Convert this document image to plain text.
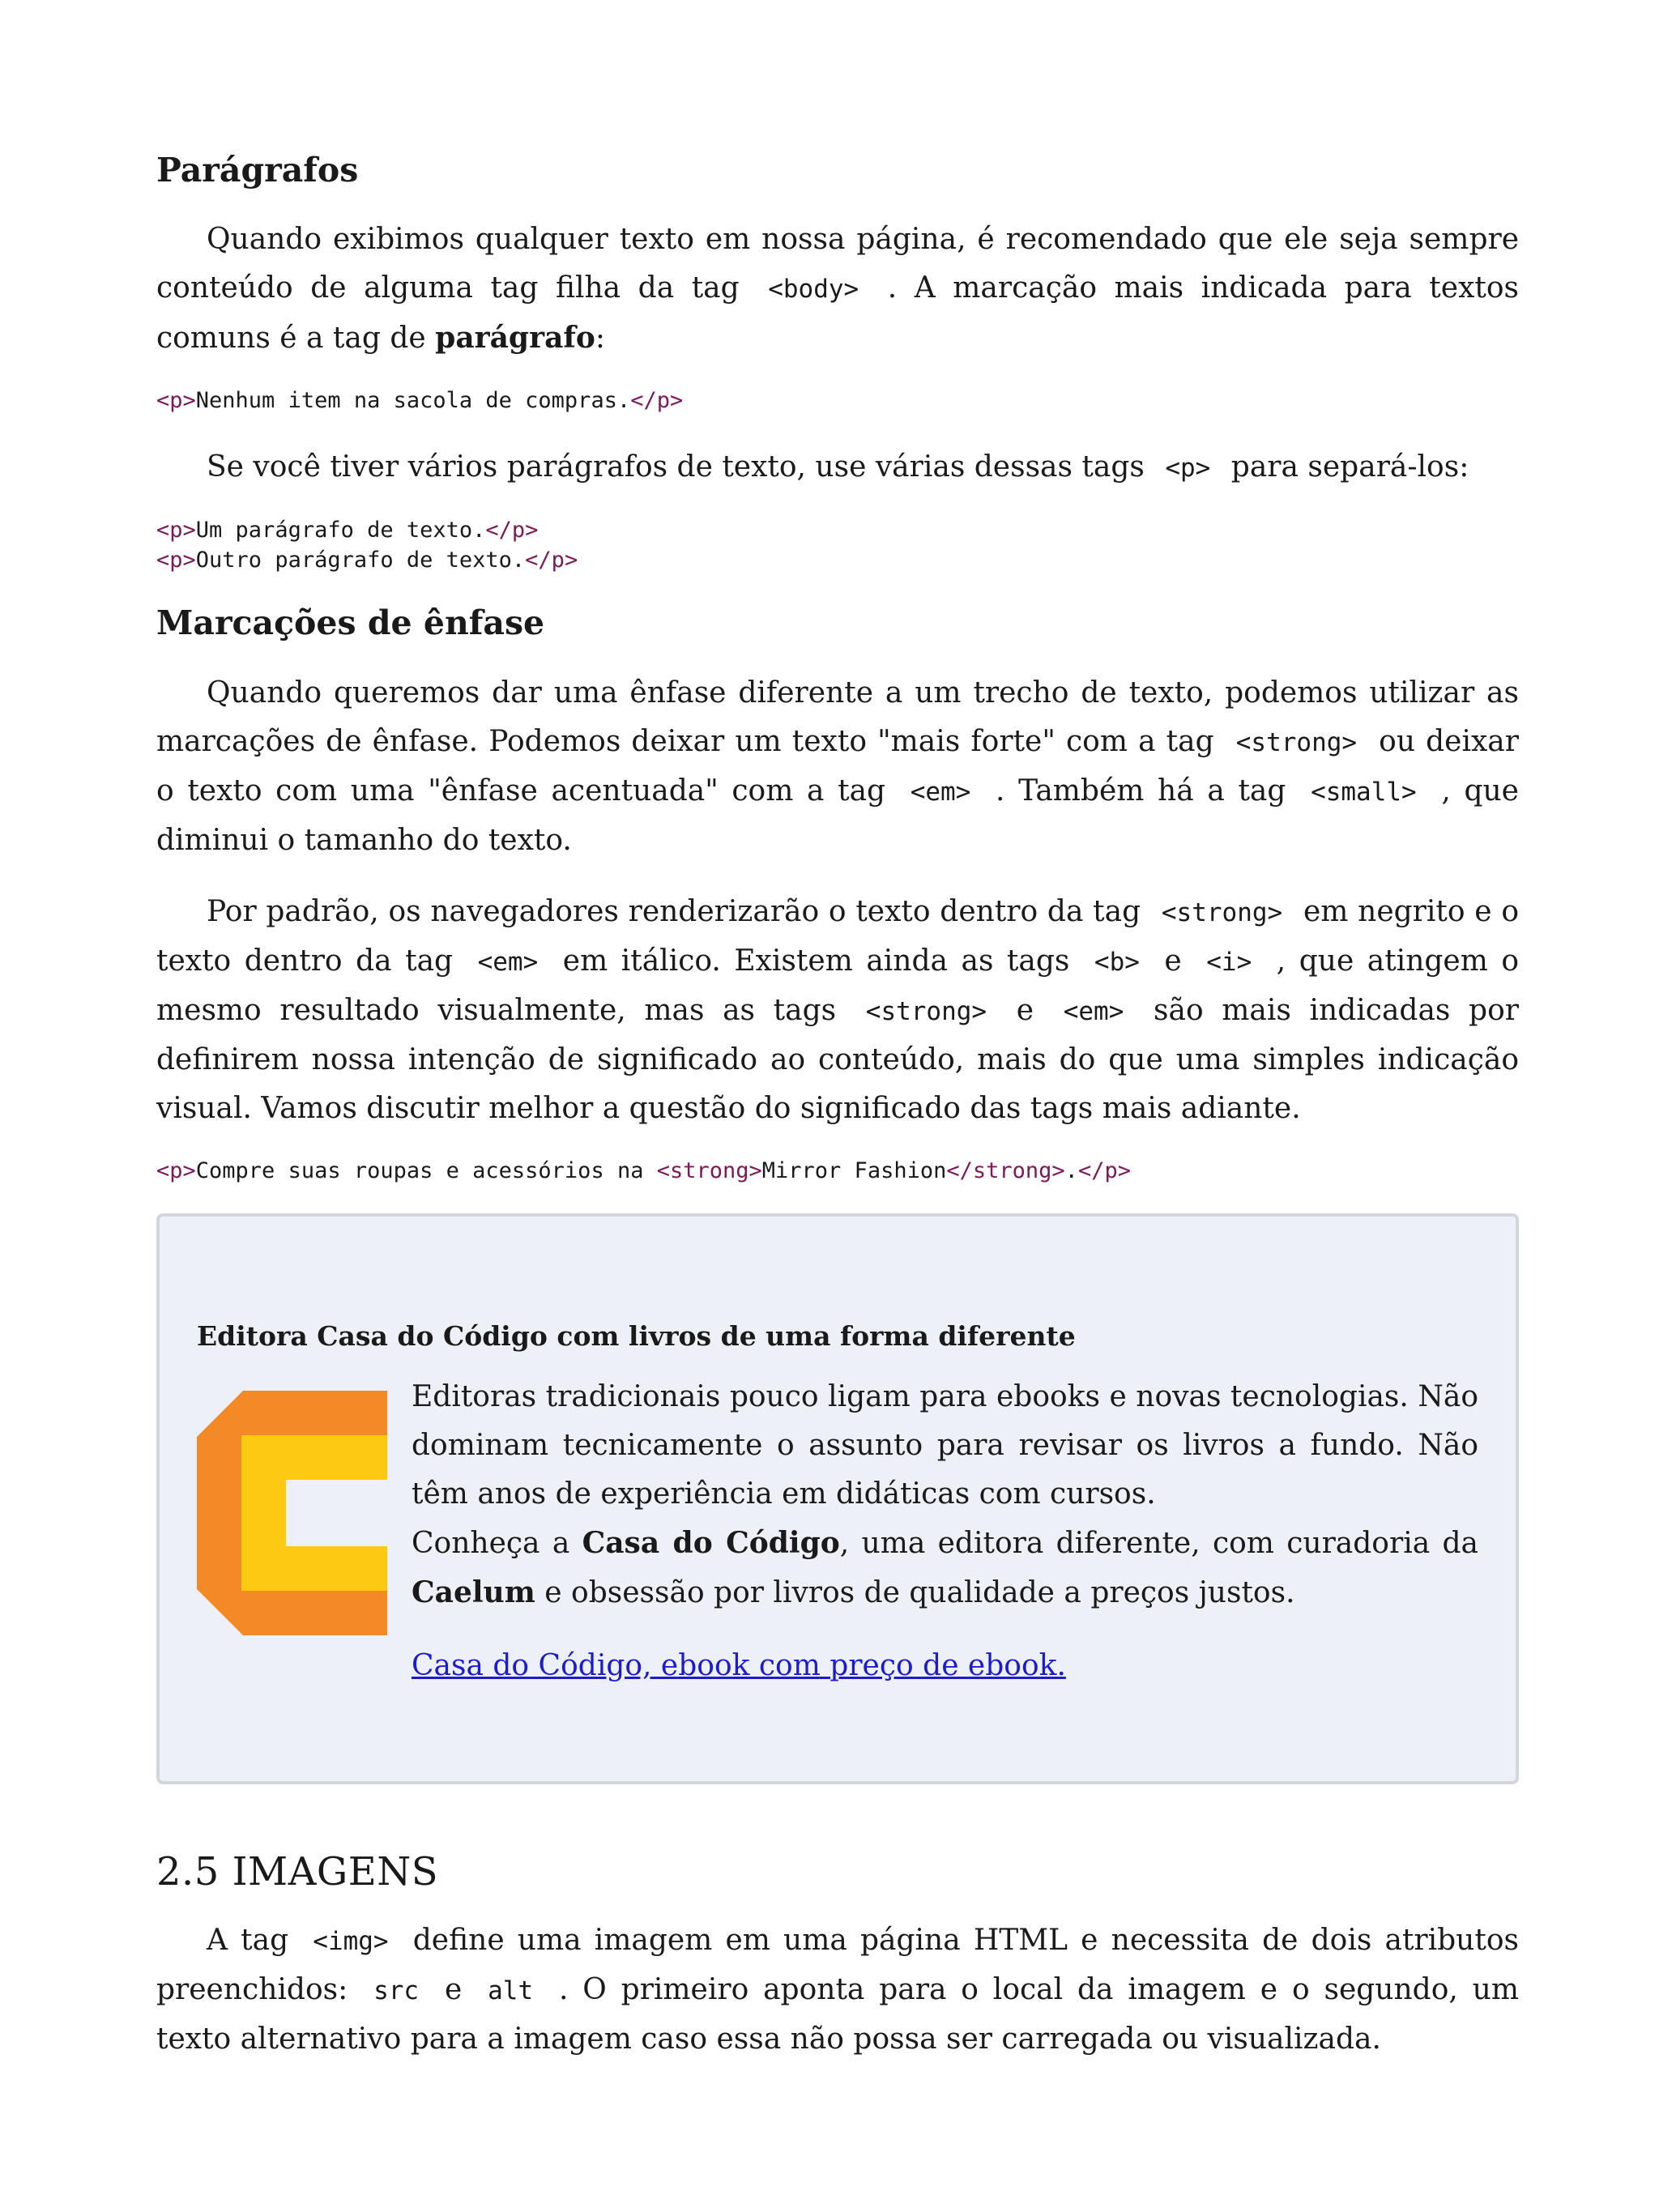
Parágrafos

Quando exibimos qualquer texto em nossa página, é recomendado que ele seja sempre conteúdo de alguma tag filha da tag <body> . A marcação mais indicada para textos comuns é a tag de parágrafo:

<p>Nenhum item na sacola de compras.</p>

Se você tiver vários parágrafos de texto, use várias dessas tags <p> para separá-los:

<p>Um parágrafo de texto.</p>
<p>Outro parágrafo de texto.</p>
Marcações de ênfase

Quando queremos dar uma ênfase diferente a um trecho de texto, podemos utilizar as marcações de ênfase. Podemos deixar um texto "mais forte" com a tag <strong> ou deixar o texto com uma "ênfase acentuada" com a tag <em> . Também há a tag <small> , que diminui o tamanho do texto.

Por padrão, os navegadores renderizarão o texto dentro da tag <strong> em negrito e o texto dentro da tag <em> em itálico. Existem ainda as tags <b> e <i> , que atingem o mesmo resultado visualmente, mas as tags <strong> e <em> são mais indicadas por definirem nossa intenção de significado ao conteúdo, mais do que uma simples indicação visual. Vamos discutir melhor a questão do significado das tags mais adiante.

<p>Compre suas roupas e acessórios na <strong>Mirror Fashion</strong>.</p>
Editora Casa do Código com livros de uma forma diferente

Editoras tradicionais pouco ligam para ebooks e novas tecnologias. Não dominam tecnicamente o assunto para revisar os livros a fundo. Não têm anos de experiência em didáticas com cursos.
Conheça a Casa do Código, uma editora diferente, com curadoria da Caelum e obsessão por livros de qualidade a preços justos.

Casa do Código, ebook com preço de ebook.
2.5 IMAGENS

A tag <img> define uma imagem em uma página HTML e necessita de dois atributos preenchidos: src e alt . O primeiro aponta para o local da imagem e o segundo, um texto alternativo para a imagem caso essa não possa ser carregada ou visualizada.
